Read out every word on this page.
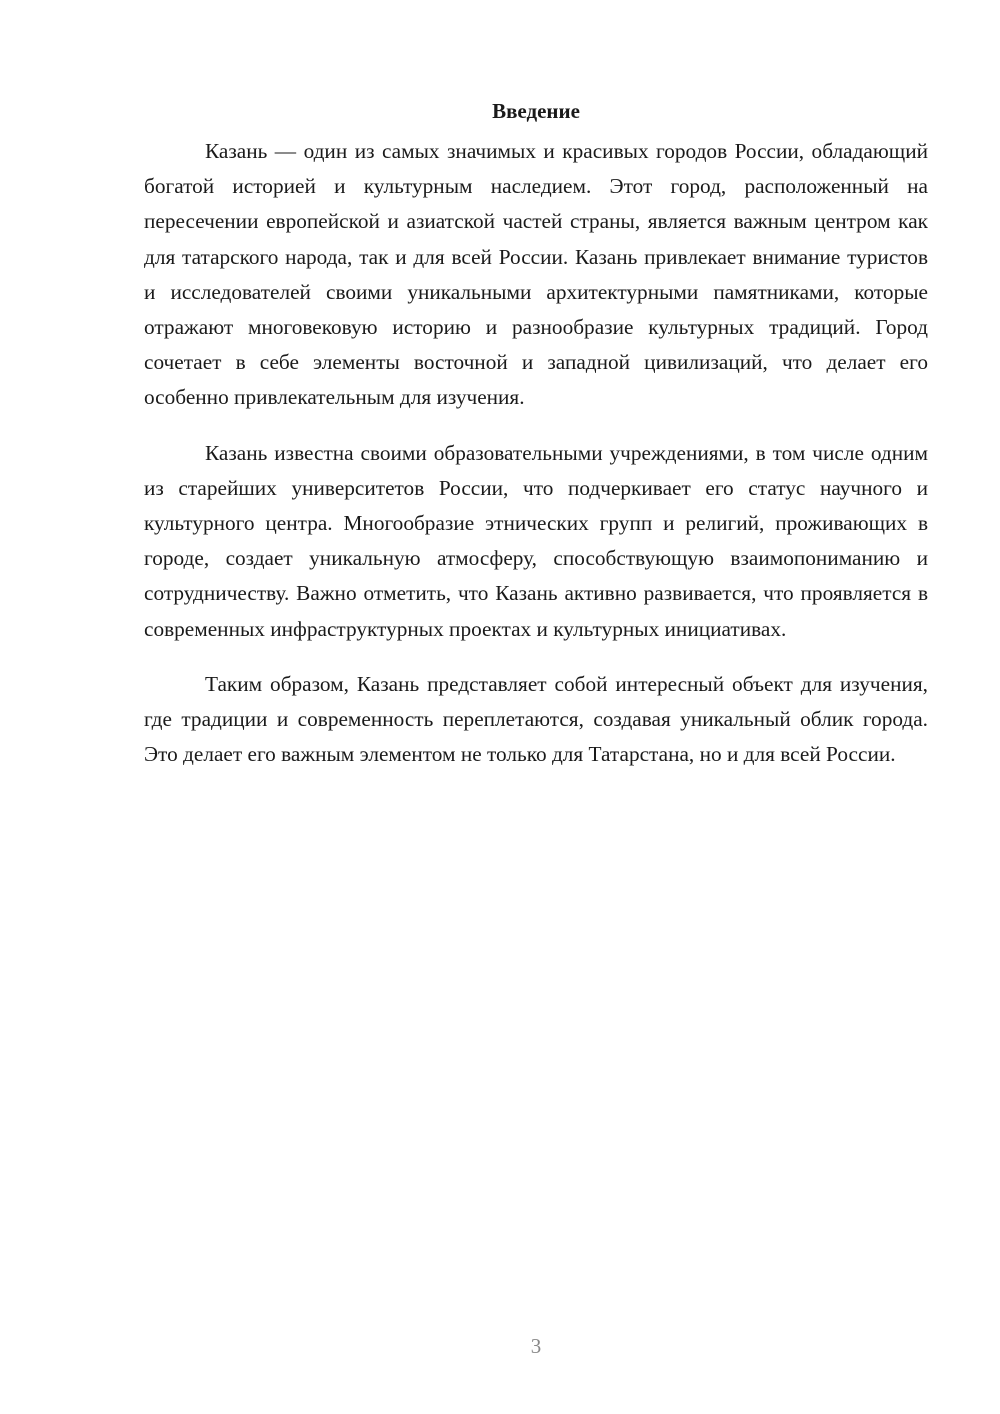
Введение

Казань — один из самых значимых и красивых городов России, обладающий богатой историей и культурным наследием. Этот город, расположенный на пересечении европейской и азиатской частей страны, является важным центром как для татарского народа, так и для всей России. Казань привлекает внимание туристов и исследователей своими уникальными архитектурными памятниками, которые отражают многовековую историю и разнообразие культурных традиций. Город сочетает в себе элементы восточной и западной цивилизаций, что делает его особенно привлекательным для изучения.

Казань известна своими образовательными учреждениями, в том числе одним из старейших университетов России, что подчеркивает его статус научного и культурного центра. Многообразие этнических групп и религий, проживающих в городе, создает уникальную атмосферу, способствующую взаимопониманию и сотрудничеству. Важно отметить, что Казань активно развивается, что проявляется в современных инфраструктурных проектах и культурных инициативах.

Таким образом, Казань представляет собой интересный объект для изучения, где традиции и современность переплетаются, создавая уникальный облик города. Это делает его важным элементом не только для Татарстана, но и для всей России.

3
